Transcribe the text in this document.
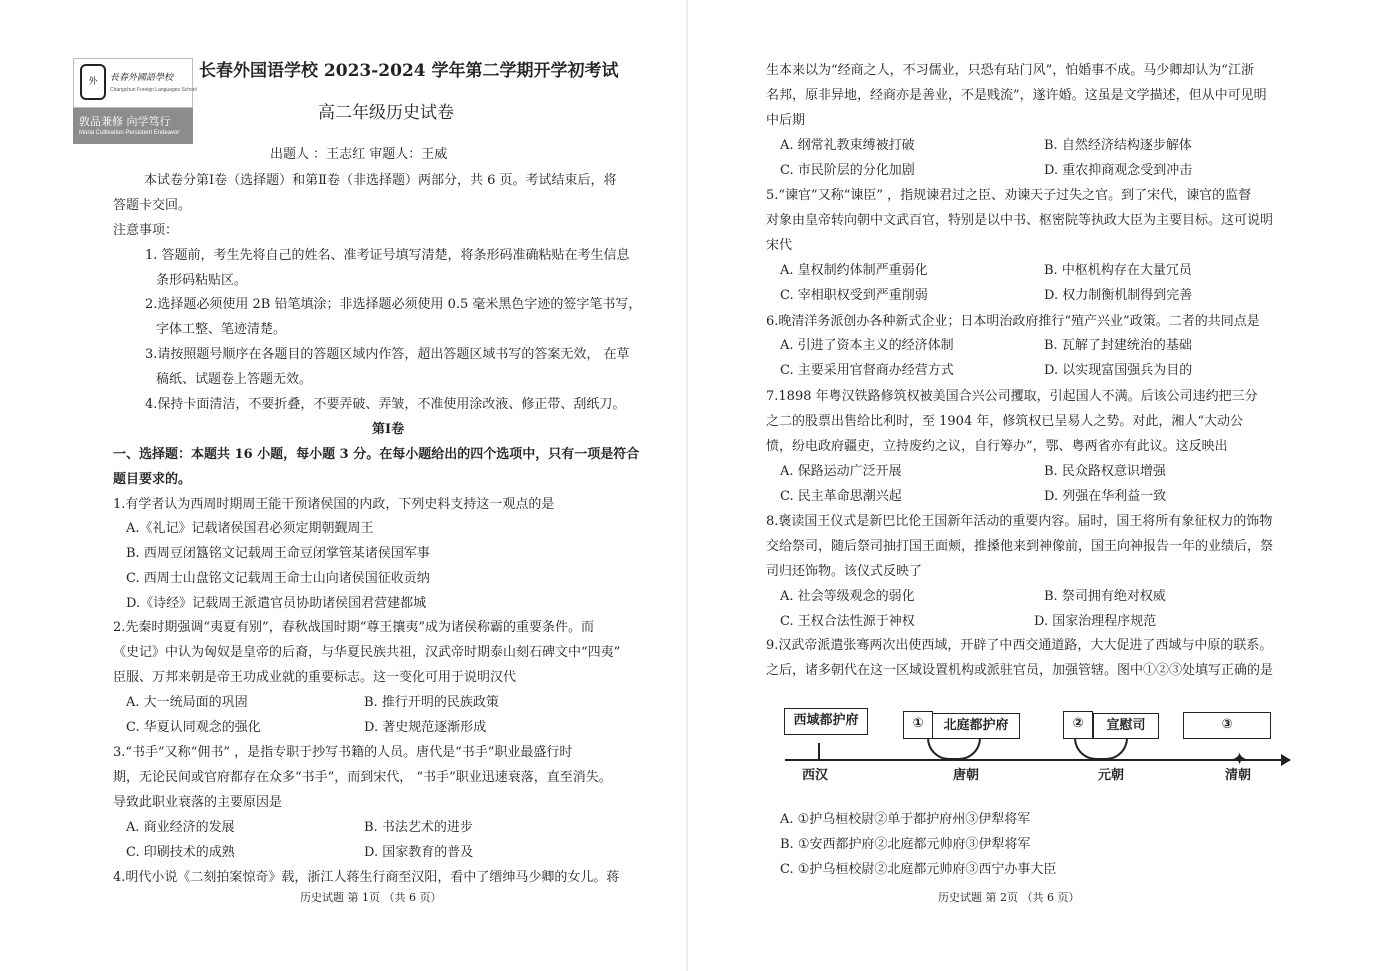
外	長春外國語學校
Changchun Foreign Languages School
敦品兼修 向学笃行
Moral Cultivation Persistent Endeavor
长春外国语学校 2023-2024 学年第二学期开学初考试
高二年级历史试卷
出题人 ：王志红 审题人：王威
本试卷分第Ⅰ卷（选择题）和第Ⅱ卷（非选择题）两部分，共 6 页。考试结束后，将
答题卡交回。
注意事项：
1. 答题前，考生先将自己的姓名、准考证号填写清楚，将条形码准确粘贴在考生信息
条形码粘贴区。
2.选择题必须使用 2B 铅笔填涂；非选择题必须使用 0.5 毫米黑色字迹的签字笔书写，
字体工整、笔迹清楚。
3.请按照题号顺序在各题目的答题区域内作答，超出答题区域书写的答案无效， 在草
稿纸、试题卷上答题无效。
4.保持卡面清洁，不要折叠，不要弄破、弄皱，不准使用涂改液、修正带、刮纸刀。
第Ⅰ卷
一、选择题：本题共 16 小题，每小题 3 分。在每小题给出的四个选项中，只有一项是符合
题目要求的。
1.有学者认为西周时期周王能干预诸侯国的内政，下列史料支持这一观点的是
A.《礼记》记载诸侯国君必须定期朝觐周王
B. 西周豆闭簋铭文记载周王命豆闭掌管某诸侯国军事
C. 西周士山盘铭文记载周王命士山向诸侯国征收贡纳
D.《诗经》记载周王派遣官员协助诸侯国君营建都城
2.先秦时期强调“夷夏有别”，春秋战国时期“尊王攘夷”成为诸侯称霸的重要条件。而
《史记》中认为匈奴是皇帝的后裔，与华夏民族共祖，汉武帝时期泰山刻石碑文中“四夷”
臣服、万邦来朝是帝王功成业就的重要标志。这一变化可用于说明汉代
A. 大一统局面的巩固	B. 推行开明的民族政策
C. 华夏认同观念的强化	D. 著史规范逐渐形成
3.“书手”又称“佣书” ，是指专职于抄写书籍的人员。唐代是“书手”职业最盛行时
期，无论民间或官府都存在众多“书手”，而到宋代， “书手”职业迅速衰落，直至消失。
导致此职业衰落的主要原因是
A. 商业经济的发展	B. 书法艺术的进步
C. 印刷技术的成熟	D. 国家教育的普及
4.明代小说《二刻拍案惊奇》载，浙江人蒋生行商至汉阳，看中了缙绅马少卿的女儿。蒋
历史试题 第 1页 （共 6 页）
生本来以为“经商之人，不习儒业，只恐有玷门风”，怕婚事不成。马少卿却认为“江浙
名邦，原非异地，经商亦是善业，不是贱流”，遂许婚。这虽是文学描述，但从中可见明
中后期
A. 纲常礼教束缚被打破	B. 自然经济结构逐步解体
C. 市民阶层的分化加剧	D. 重农抑商观念受到冲击
5.“谏官”又称“谏臣” ，指规谏君过之臣、劝谏天子过失之官。到了宋代，谏官的监督
对象由皇帝转向朝中文武百官，特别是以中书、枢密院等执政大臣为主要目标。这可说明
宋代
A. 皇权制约体制严重弱化	B. 中枢机构存在大量冗员
C. 宰相职权受到严重削弱	D. 权力制衡机制得到完善
6.晚清洋务派创办各种新式企业；日本明治政府推行“殖产兴业”政策。二者的共同点是
A. 引进了资本主义的经济体制	B. 瓦解了封建统治的基础
C. 主要采用官督商办经营方式	D. 以实现富国强兵为目的
7.1898 年粤汉铁路修筑权被美国合兴公司攫取，引起国人不满。后该公司违约把三分
之二的股票出售给比利时，至 1904 年，修筑权已呈易人之势。对此，湘人“大动公
愤，纷电政府疆吏，立持废约之议，自行筹办”，鄂、粤两省亦有此议。这反映出
A. 保路运动广泛开展	B. 民众路权意识增强
C. 民主革命思潮兴起	D. 列强在华利益一致
8.褒读国王仪式是新巴比伦王国新年活动的重要内容。届时，国王将所有象征权力的饰物
交给祭司，随后祭司抽打国王面颊，推搡他来到神像前，国王向神报告一年的业绩后，祭
司归还饰物。该仪式反映了
A. 社会等级观念的弱化	B. 祭司拥有绝对权威
C. 王权合法性源于神权	D. 国家治理程序规范
9.汉武帝派遣张骞两次出使西域，开辟了中西交通道路，大大促进了西域与中原的联系。
之后，诸多朝代在这一区域设置机构或派驻官员，加强管辖。图中①②③处填写正确的是
A. ①护乌桓校尉②单于都护府州③伊犁将军
B. ①安西都护府②北庭都元帅府③伊犁将军
C. ①护乌桓校尉②北庭都元帅府③西宁办事大臣
历史试题 第 2页 （共 6 页）
✦
西域都护府	①	北庭都护府	②	宣慰司	③
西汉	唐朝	元朝	清朝
